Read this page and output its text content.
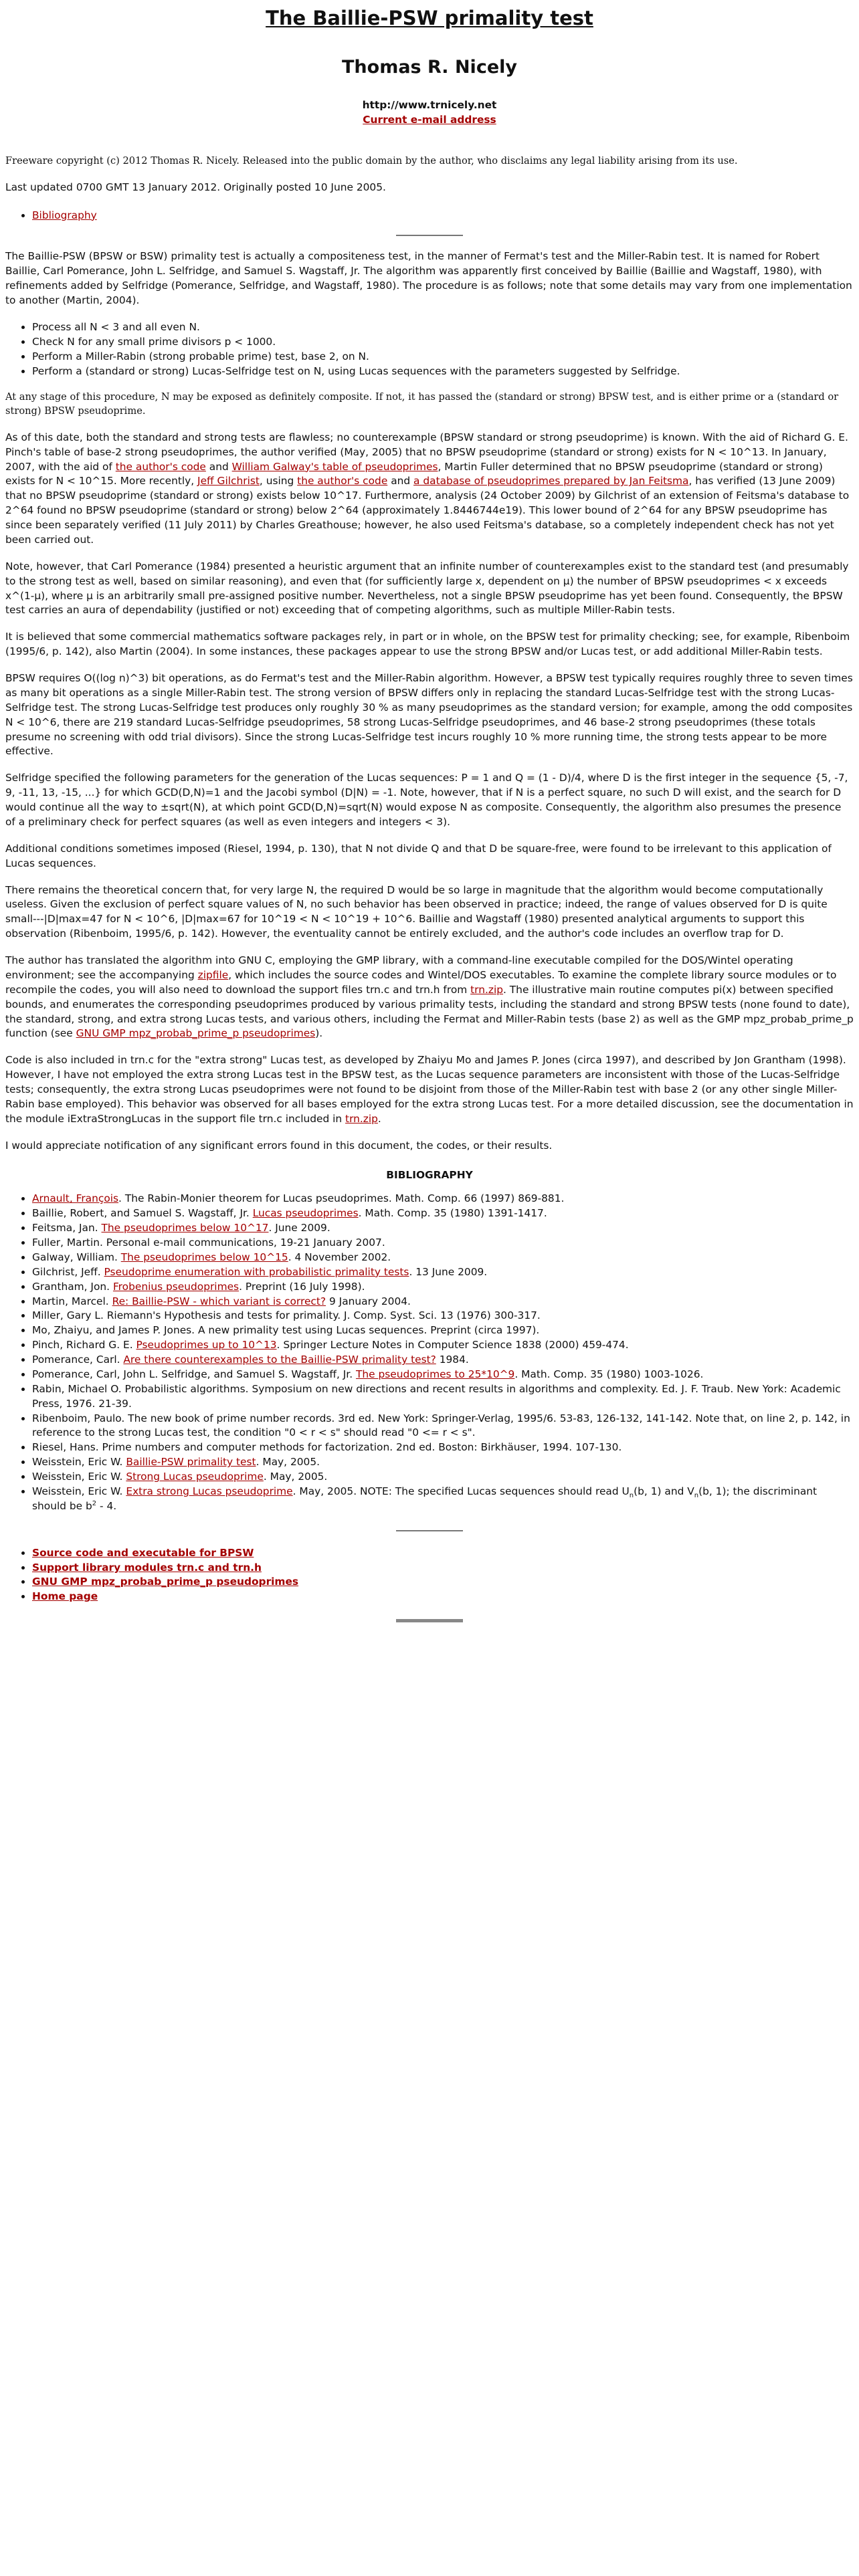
The Baillie-PSW primality test
Thomas R. Nicely

http://www.trnicely.net

Current e-mail address

Freeware copyright (c) 2012 Thomas R. Nicely. Released into the public domain by the author, who disclaims any legal liability arising from its use.

Last updated 0700 GMT 13 January 2012. Originally posted 10 June 2005.

• Bibliography

The Baillie-PSW (BPSW or BSW) primality test is actually a compositeness test, in the manner of Fermat's test and the Miller-Rabin test. It is named for Robert Baillie, Carl Pomerance, John L. Selfridge, and Samuel S. Wagstaff, Jr. The algorithm was apparently first conceived by Baillie (Baillie and Wagstaff, 1980), with refinements added by Selfridge (Pomerance, Selfridge, and Wagstaff, 1980). The procedure is as follows; note that some details may vary from one implementation to another (Martin, 2004).

• Process all N < 3 and all even N.
• Check N for any small prime divisors p < 1000.
• Perform a Miller-Rabin (strong probable prime) test, base 2, on N.
• Perform a (standard or strong) Lucas-Selfridge test on N, using Lucas sequences with the parameters suggested by Selfridge.

At any stage of this procedure, N may be exposed as definitely composite. If not, it has passed the (standard or strong) BPSW test, and is either prime or a (standard or strong) BPSW pseudoprime.

As of this date, both the standard and strong tests are flawless; no counterexample (BPSW standard or strong pseudoprime) is known. With the aid of Richard G. E. Pinch's table of base-2 strong pseudoprimes, the author verified (May, 2005) that no BPSW pseudoprime (standard or strong) exists for N < 10^13. In January, 2007, with the aid of the author's code and William Galway's table of pseudoprimes, Martin Fuller determined that no BPSW pseudoprime (standard or strong) exists for N < 10^15. More recently, Jeff Gilchrist, using the author's code and a database of pseudoprimes prepared by Jan Feitsma, has verified (13 June 2009) that no BPSW pseudoprime (standard or strong) exists below 10^17. Furthermore, analysis (24 October 2009) by Gilchrist of an extension of Feitsma's database to 2^64 found no BPSW pseudoprime (standard or strong) below 2^64 (approximately 1.8446744e19). This lower bound of 2^64 for any BPSW pseudoprime has since been separately verified (11 July 2011) by Charles Greathouse; however, he also used Feitsma's database, so a completely independent check has not yet been carried out.

Note, however, that Carl Pomerance (1984) presented a heuristic argument that an infinite number of counterexamples exist to the standard test (and presumably to the strong test as well, based on similar reasoning), and even that (for sufficiently large x, dependent on μ) the number of BPSW pseudoprimes < x exceeds x^(1-μ), where μ is an arbitrarily small pre-assigned positive number. Nevertheless, not a single BPSW pseudoprime has yet been found. Consequently, the BPSW test carries an aura of dependability (justified or not) exceeding that of competing algorithms, such as multiple Miller-Rabin tests.

It is believed that some commercial mathematics software packages rely, in part or in whole, on the BPSW test for primality checking; see, for example, Ribenboim (1995/6, p. 142), also Martin (2004). In some instances, these packages appear to use the strong BPSW and/or Lucas test, or add additional Miller-Rabin tests.

BPSW requires O((log n)^3) bit operations, as do Fermat's test and the Miller-Rabin algorithm. However, a BPSW test typically requires roughly three to seven times as many bit operations as a single Miller-Rabin test. The strong version of BPSW differs only in replacing the standard Lucas-Selfridge test with the strong Lucas-Selfridge test. The strong Lucas-Selfridge test produces only roughly 30 % as many pseudoprimes as the standard version; for example, among the odd composites N < 10^6, there are 219 standard Lucas-Selfridge pseudoprimes, 58 strong Lucas-Selfridge pseudoprimes, and 46 base-2 strong pseudoprimes (these totals presume no screening with odd trial divisors). Since the strong Lucas-Selfridge test incurs roughly 10 % more running time, the strong tests appear to be more effective.

Selfridge specified the following parameters for the generation of the Lucas sequences: P = 1 and Q = (1 - D)/4, where D is the first integer in the sequence {5, -7, 9, -11, 13, -15, ...} for which GCD(D,N)=1 and the Jacobi symbol (D|N) = -1. Note, however, that if N is a perfect square, no such D will exist, and the search for D would continue all the way to ±sqrt(N), at which point GCD(D,N)=sqrt(N) would expose N as composite. Consequently, the algorithm also presumes the presence of a preliminary check for perfect squares (as well as even integers and integers < 3).

Additional conditions sometimes imposed (Riesel, 1994, p. 130), that N not divide Q and that D be square-free, were found to be irrelevant to this application of Lucas sequences.

There remains the theoretical concern that, for very large N, the required D would be so large in magnitude that the algorithm would become computationally useless. Given the exclusion of perfect square values of N, no such behavior has been observed in practice; indeed, the range of values observed for D is quite small---|D|max=47 for N < 10^6, |D|max=67 for 10^19 < N < 10^19 + 10^6. Baillie and Wagstaff (1980) presented analytical arguments to support this observation (Ribenboim, 1995/6, p. 142). However, the eventuality cannot be entirely excluded, and the author's code includes an overflow trap for D.

The author has translated the algorithm into GNU C, employing the GMP library, with a command-line executable compiled for the DOS/Wintel operating environment; see the accompanying zipfile, which includes the source codes and Wintel/DOS executables. To examine the complete library source modules or to recompile the codes, you will also need to download the support files trn.c and trn.h from trn.zip. The illustrative main routine computes pi(x) between specified bounds, and enumerates the corresponding pseudoprimes produced by various primality tests, including the standard and strong BPSW tests (none found to date), the standard, strong, and extra strong Lucas tests, and various others, including the Fermat and Miller-Rabin tests (base 2) as well as the GMP mpz_probab_prime_p function (see GNU GMP mpz_probab_prime_p pseudoprimes).

Code is also included in trn.c for the "extra strong" Lucas test, as developed by Zhaiyu Mo and James P. Jones (circa 1997), and described by Jon Grantham (1998). However, I have not employed the extra strong Lucas test in the BPSW test, as the Lucas sequence parameters are inconsistent with those of the Lucas-Selfridge tests; consequently, the extra strong Lucas pseudoprimes were not found to be disjoint from those of the Miller-Rabin test with base 2 (or any other single Miller-Rabin base employed). This behavior was observed for all bases employed for the extra strong Lucas test. For a more detailed discussion, see the documentation in the module iExtraStrongLucas in the support file trn.c included in trn.zip.

I would appreciate notification of any significant errors found in this document, the codes, or their results.

BIBLIOGRAPHY

• Arnault, François. The Rabin-Monier theorem for Lucas pseudoprimes. Math. Comp. 66 (1997) 869-881.
• Baillie, Robert, and Samuel S. Wagstaff, Jr. Lucas pseudoprimes. Math. Comp. 35 (1980) 1391-1417.
• Feitsma, Jan. The pseudoprimes below 10^17. June 2009.
• Fuller, Martin. Personal e-mail communications, 19-21 January 2007.
• Galway, William. The pseudoprimes below 10^15. 4 November 2002.
• Gilchrist, Jeff. Pseudoprime enumeration with probabilistic primality tests. 13 June 2009.
• Grantham, Jon. Frobenius pseudoprimes. Preprint (16 July 1998).
• Martin, Marcel. Re: Baillie-PSW - which variant is correct? 9 January 2004.
• Miller, Gary L. Riemann's Hypothesis and tests for primality. J. Comp. Syst. Sci. 13 (1976) 300-317.
• Mo, Zhaiyu, and James P. Jones. A new primality test using Lucas sequences. Preprint (circa 1997).
• Pinch, Richard G. E. Pseudoprimes up to 10^13. Springer Lecture Notes in Computer Science 1838 (2000) 459-474.
• Pomerance, Carl. Are there counterexamples to the Baillie-PSW primality test? 1984.
• Pomerance, Carl, John L. Selfridge, and Samuel S. Wagstaff, Jr. The pseudoprimes to 25*10^9. Math. Comp. 35 (1980) 1003-1026.
• Rabin, Michael O. Probabilistic algorithms. Symposium on new directions and recent results in algorithms and complexity. Ed. J. F. Traub. New York: Academic Press, 1976. 21-39.
• Ribenboim, Paulo. The new book of prime number records. 3rd ed. New York: Springer-Verlag, 1995/6. 53-83, 126-132, 141-142. Note that, on line 2, p. 142, in reference to the strong Lucas test, the condition "0 < r < s" should read "0 <= r < s".
• Riesel, Hans. Prime numbers and computer methods for factorization. 2nd ed. Boston: Birkhäuser, 1994. 107-130.
• Weisstein, Eric W. Baillie-PSW primality test. May, 2005.
• Weisstein, Eric W. Strong Lucas pseudoprime. May, 2005.
• Weisstein, Eric W. Extra strong Lucas pseudoprime. May, 2005. NOTE: The specified Lucas sequences should read $U_n(b$, 1) and $V_n(b$, 1); the discriminant should be $b^2 - 4$.
• Source code and executable for BPSW
• Support library modules trn.c and trn.h
• GNU GMP mpz_probab_prime_p pseudoprimes
• Home page
